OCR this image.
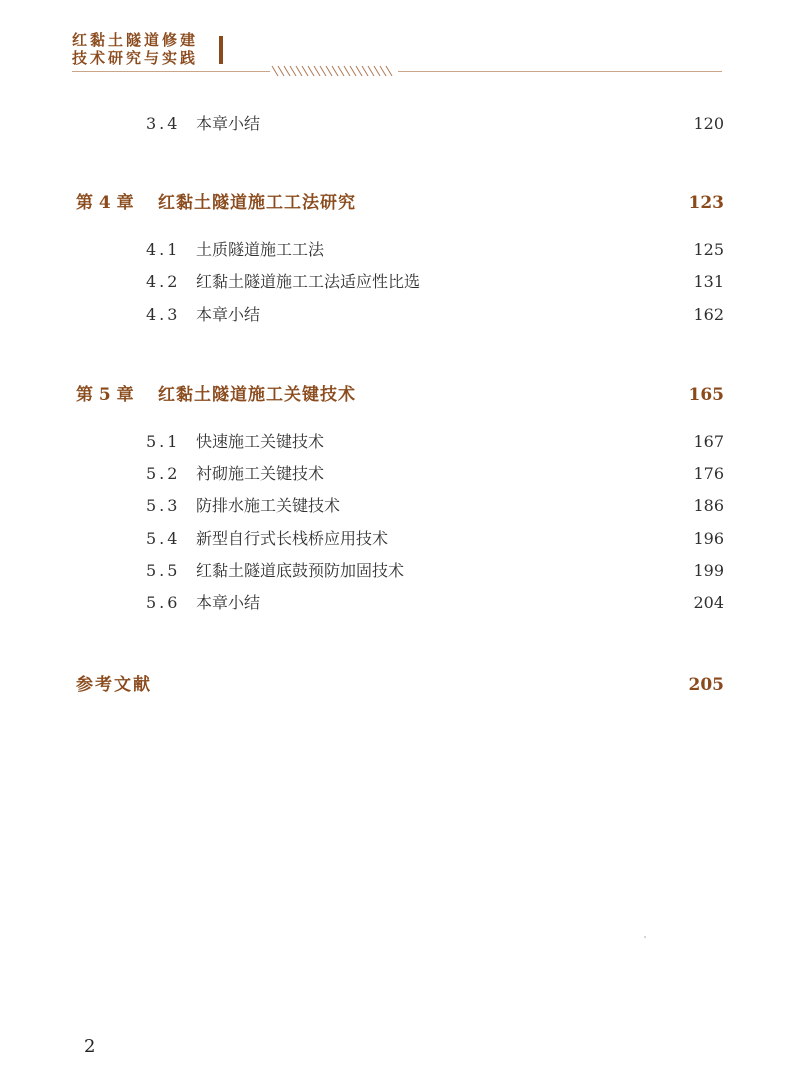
红黏土隧道修建
技术研究与实践
3.4 本章小结	120
第 4 章 红黏土隧道施工工法研究	123
4.1 土质隧道施工工法	125
4.2 红黏土隧道施工工法适应性比选	131
4.3 本章小结	162
第 5 章 红黏土隧道施工关键技术	165
5.1 快速施工关键技术	167
5.2 衬砌施工关键技术	176
5.3 防排水施工关键技术	186
5.4 新型自行式长栈桥应用技术	196
5.5 红黏土隧道底鼓预防加固技术	199
5.6 本章小结	204
参考文献	205
2
